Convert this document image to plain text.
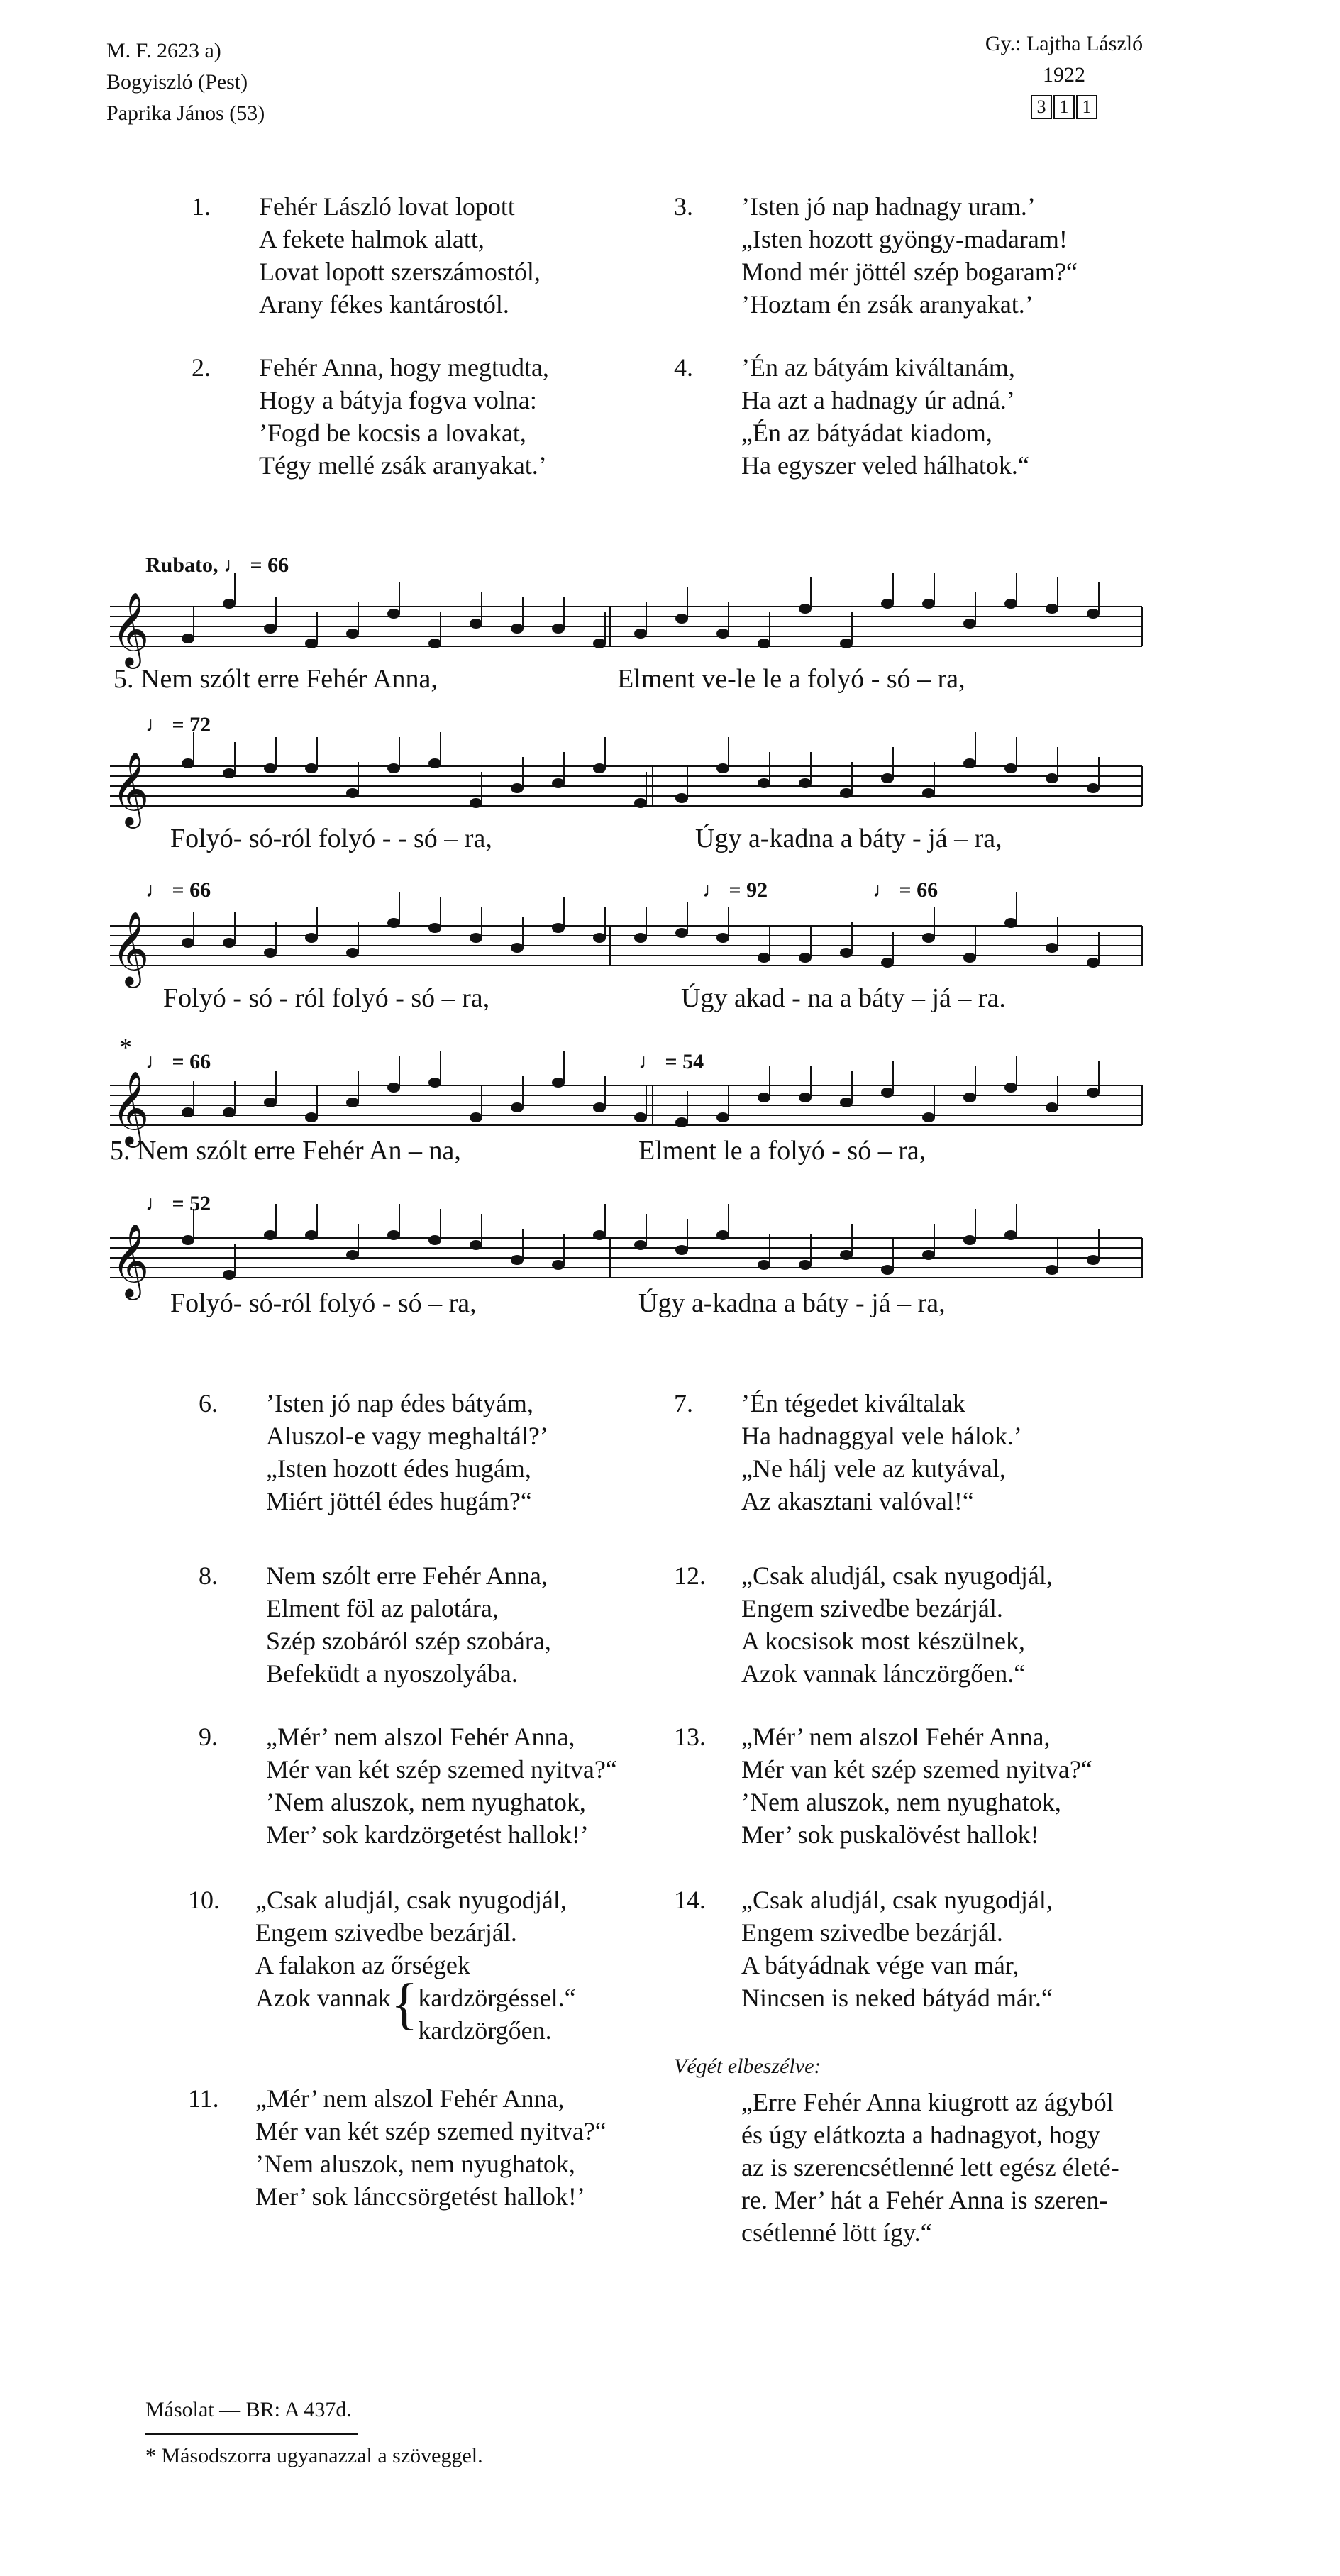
M. F. 2623 a)
Bogyiszló (Pest)
Paprika János (53)
Gy.: Lajtha László
1922
3 1 1
1.	Fehér László lovat lopott
A fekete halmok alatt,
Lovat lopott szerszámostól,
Arany fékes kantárostól.
3.	’Isten jó nap hadnagy uram.’
„Isten hozott gyöngy-madaram!
Mond mér jöttél szép bogaram?“
’Hoztam én zsák aranyakat.’
2.	Fehér Anna, hogy megtudta,
Hogy a bátyja fogva volna:
’Fogd be kocsis a lovakat,
Tégy mellé zsák aranyakat.’
4.	’Én az bátyám kiváltanám,
Ha azt a hadnagy úr adná.’
„Én az bátyádat kiadom,
Ha egyszer veled hálhatok.“
𝄞
𝄞
𝄞
𝄞
𝄞
Rubato, ♩ = 66
♩ = 72
♩ = 66	♩ = 92	♩ = 66
*
♩ = 66	♩ = 54
♩ = 52
5. Nem szólt erre Fehér Anna,	Elment ve-le le a folyó - só – ra,
Folyó- só-ról folyó - - só – ra,	Úgy a-kadna a báty - já – ra,
Folyó - só - ról folyó - só – ra,	Úgy akad - na a báty – já – ra.
5. Nem szólt erre Fehér An – na,	Elment le a folyó - só – ra,
Folyó- só-ról folyó - só – ra,	Úgy a-kadna a báty - já – ra,
6.	’Isten jó nap édes bátyám,
Aluszol-e vagy meghaltál?’
„Isten hozott édes hugám,
Miért jöttél édes hugám?“
7.	’Én tégedet kiváltalak
Ha hadnaggyal vele hálok.’
„Ne hálj vele az kutyával,
Az akasztani valóval!“
8.	Nem szólt erre Fehér Anna,
Elment föl az palotára,
Szép szobáról szép szobára,
Befeküdt a nyoszolyába.
12.	„Csak aludjál, csak nyugodjál,
Engem szivedbe bezárjál.
A kocsisok most készülnek,
Azok vannak lánczörgően.“
9.	„Mér’ nem alszol Fehér Anna,
Mér van két szép szemed nyitva?“
’Nem aluszok, nem nyughatok,
Mer’ sok kardzörgetést hallok!’
13.	„Mér’ nem alszol Fehér Anna,
Mér van két szép szemed nyitva?“
’Nem aluszok, nem nyughatok,
Mer’ sok puskalövést hallok!
10.	„Csak aludjál, csak nyugodjál,
Engem szivedbe bezárjál.
A falakon az őrségek
Azok vannak{ kardzörgéssel.“
kardzörgően.
14.	„Csak aludjál, csak nyugodjál,
Engem szivedbe bezárjál.
A bátyádnak vége van már,
Nincsen is neked bátyád már.“
11.	„Mér’ nem alszol Fehér Anna,
Mér van két szép szemed nyitva?“
’Nem aluszok, nem nyughatok,
Mer’ sok lánccsörgetést hallok!’
Végét elbeszélve:
„Erre Fehér Anna kiugrott az ágyból
és úgy elátkozta a hadnagyot, hogy
az is szerencsétlenné lett egész életé-
re. Mer’ hát a Fehér Anna is szeren-
csétlenné lött így.“
Másolat — BR: A 437d.
* Másodszorra ugyanazzal a szöveggel.
